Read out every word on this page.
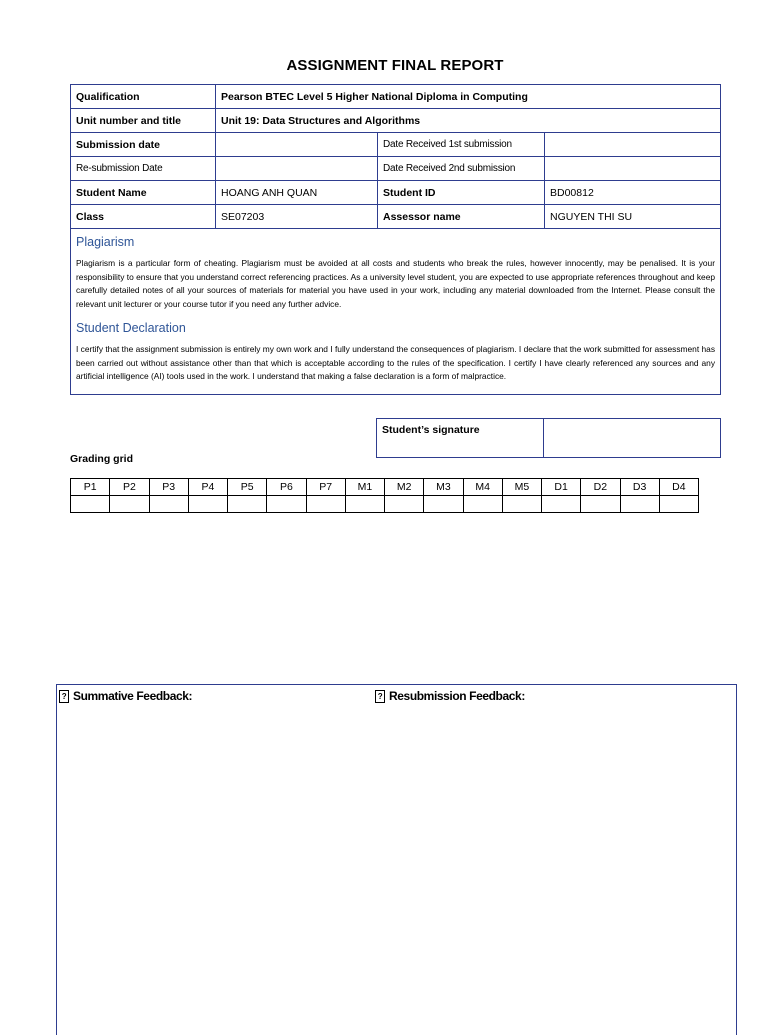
ASSIGNMENT FINAL REPORT
Qualification	Pearson BTEC Level 5 Higher National Diploma in Computing		
Unit number and title	Unit 19: Data Structures and Algorithms		
Submission date		Date Received 1st submission	
Re-submission Date		Date Received 2nd submission	
Student Name	HOANG ANH QUAN	Student ID	BD00812
Class	SE07203	Assessor name	NGUYEN THI SU

Plagiarism
Plagiarism is a particular form of cheating. Plagiarism must be avoided at all costs and students who break the rules, however innocently, may be penalised. It is your responsibility to ensure that you understand correct referencing practices. As a university level student, you are expected to use appropriate references throughout and keep carefully detailed notes of all your sources of materials for material you have used in your work, including any material downloaded from the Internet. Please consult the relevant unit lecturer or your course tutor if you need any further advice.
Student Declaration
I certify that the assignment submission is entirely my own work and I fully understand the consequences of plagiarism. I declare that the work submitted for assessment has been carried out without assistance other than that which is acceptable according to the rules of the specification. I certify I have clearly referenced any sources and any artificial intelligence (AI) tools used in the work. I understand that making a false declaration is a form of malpractice.			
Student’s signature	
Grading grid
P1	P2	P3	P4	P5	P6	P7	M1	M2	M3	M4	M5	D1	D2	D3	D4

? Summative Feedback:	? Resubmission Feedback:
